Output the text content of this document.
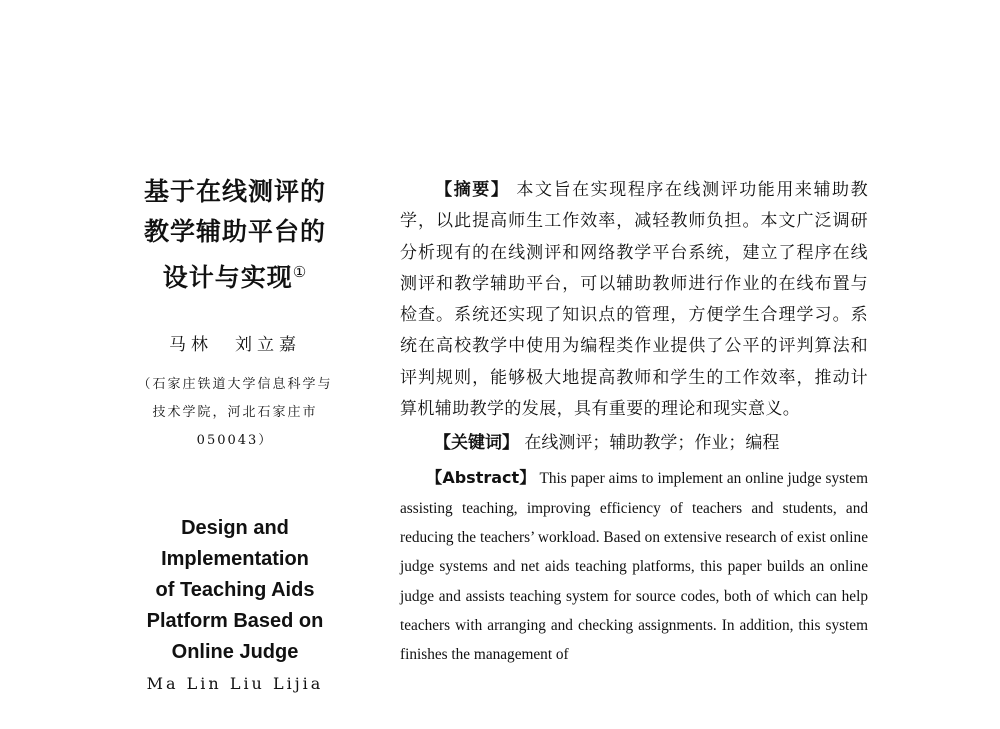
基于在线测评的
教学辅助平台的
设计与实现①
马林　刘立嘉
（石家庄铁道大学信息科学与
技术学院，河北石家庄市
050043）
Design and
Implementation
of Teaching Aids
Platform Based on
Online Judge
Ma Lin Liu Lijia
【摘要】 本文旨在实现程序在线测评功能用来辅助教学，以此提高师生工作效率，减轻教师负担。本文广泛调研分析现有的在线测评和网络教学平台系统，建立了程序在线测评和教学辅助平台，可以辅助教师进行作业的在线布置与检查。系统还实现了知识点的管理，方便学生合理学习。系统在高校教学中使用为编程类作业提供了公平的评判算法和评判规则，能够极大地提高教师和学生的工作效率，推动计算机辅助教学的发展，具有重要的理论和现实意义。
【关键词】 在线测评；辅助教学；作业；编程
【Abstract】 This paper aims to implement an online judge system assisting teaching, improving efficiency of teachers and students, and reducing the teachers’ workload. Based on extensive research of exist online judge systems and net aids teaching platforms, this paper builds an online judge and assists teaching system for source codes, both of which can help teachers with arranging and checking assignments. In addition, this system finishes the management of
